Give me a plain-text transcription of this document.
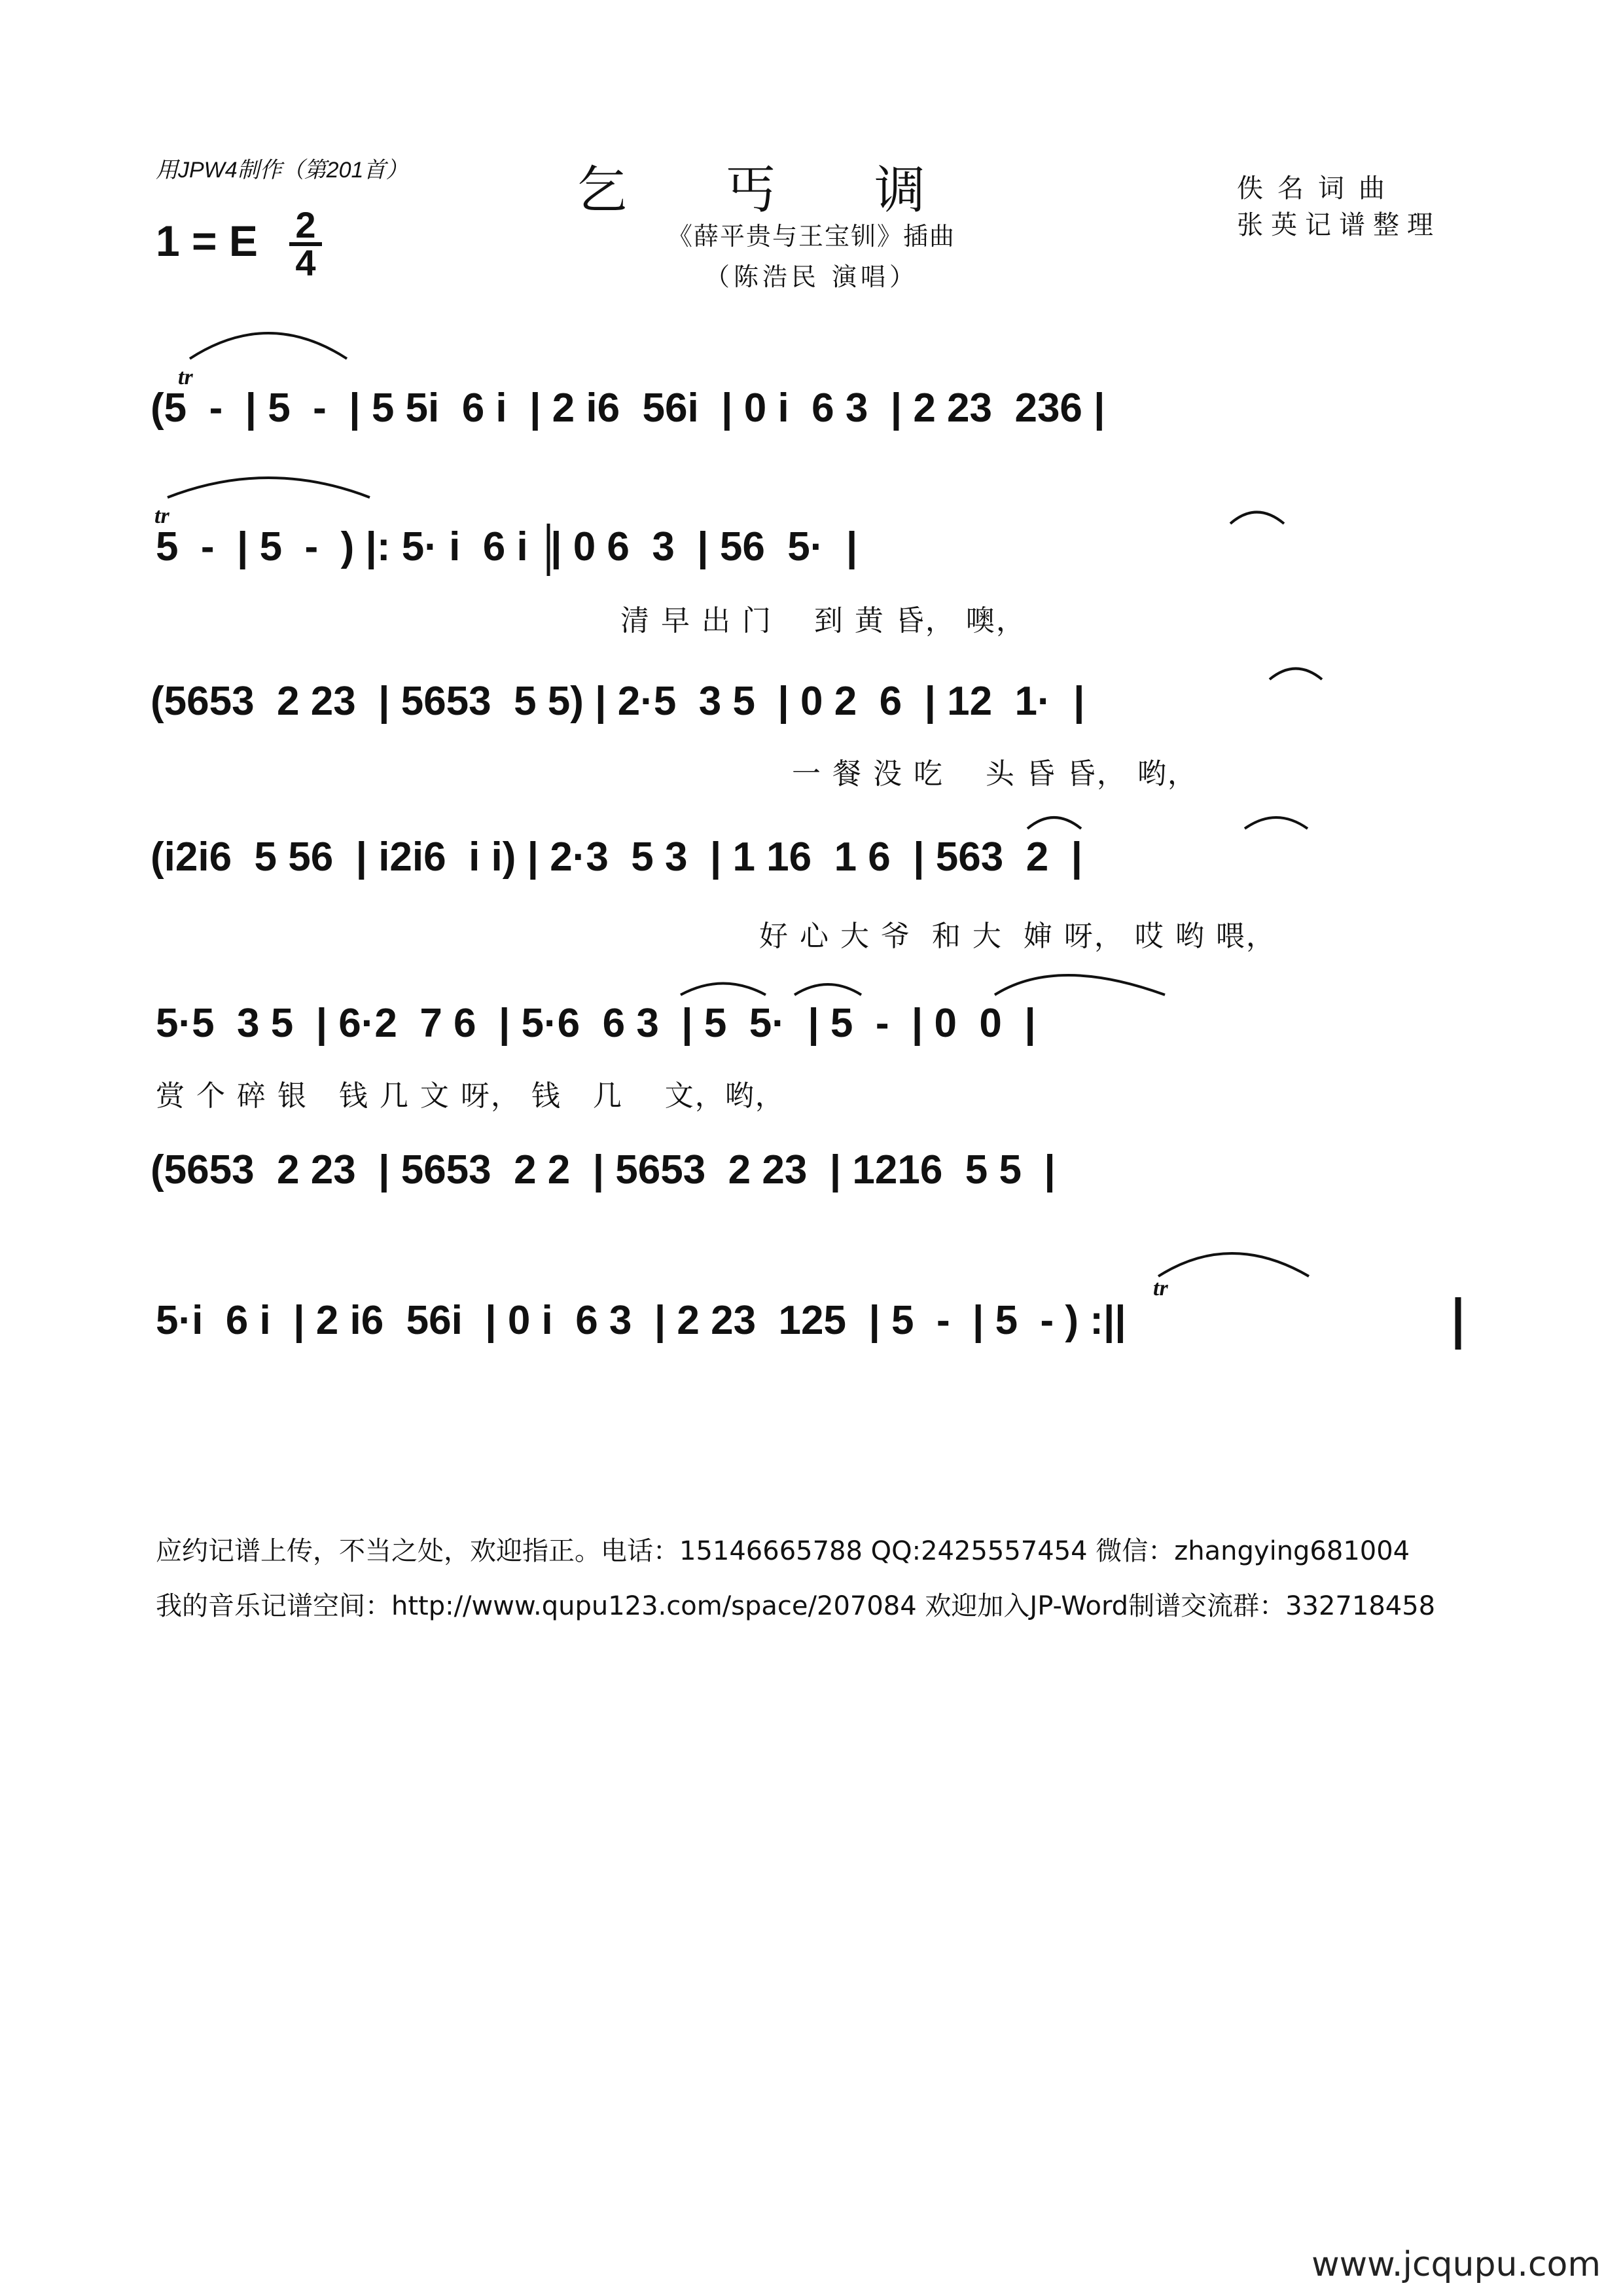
用JPW4制作（第201首）
1 = E 2
4
乞丐调
《薛平贵与王宝钏》插曲
（陈浩民 演唱）
佚名词曲
张英记谱整理
(5  -  | 5  -  | 5 5i  6 i  | 2 i6  56i  | 0 i  6 3  | 2 23  236 |
5  -  | 5  -  ) |: 5· i  6 i  | 0 6  3  | 56  5·  |
清 早 出 门    到 黄 昏， 噢，
(5653  2 23  | 5653  5 5) | 2·5  3 5  | 0 2  6  | 12  1·  |
一 餐 没 吃    头 昏 昏， 哟，
(i2i6  5 56  | i2i6  i i) | 2·3  5 3  | 1 16  1 6  | 563  2  |
好 心 大 爷  和 大  婶 呀， 哎 哟 喂，
5·5  3 5  | 6·2  7 6  | 5·6  6 3  | 5  5·  | 5  -  | 0  0  |
赏 个 碎 银   钱 几 文 呀， 钱   几    文，哟，
(5653  2 23  | 5653  2 2  | 5653  2 23  | 1216  5 5  |
5·i  6 i  | 2 i6  56i  | 0 i  6 3  | 2 23  125  | 5  -  | 5  - ) :||
tr
tr
tr
应约记谱上传，不当之处，欢迎指正。电话：15146665788 QQ:2425557454 微信：zhangying681004
我的音乐记谱空间：http://www.qupu123.com/space/207084 欢迎加入JP-Word制谱交流群：332718458
www.jcqupu.com
